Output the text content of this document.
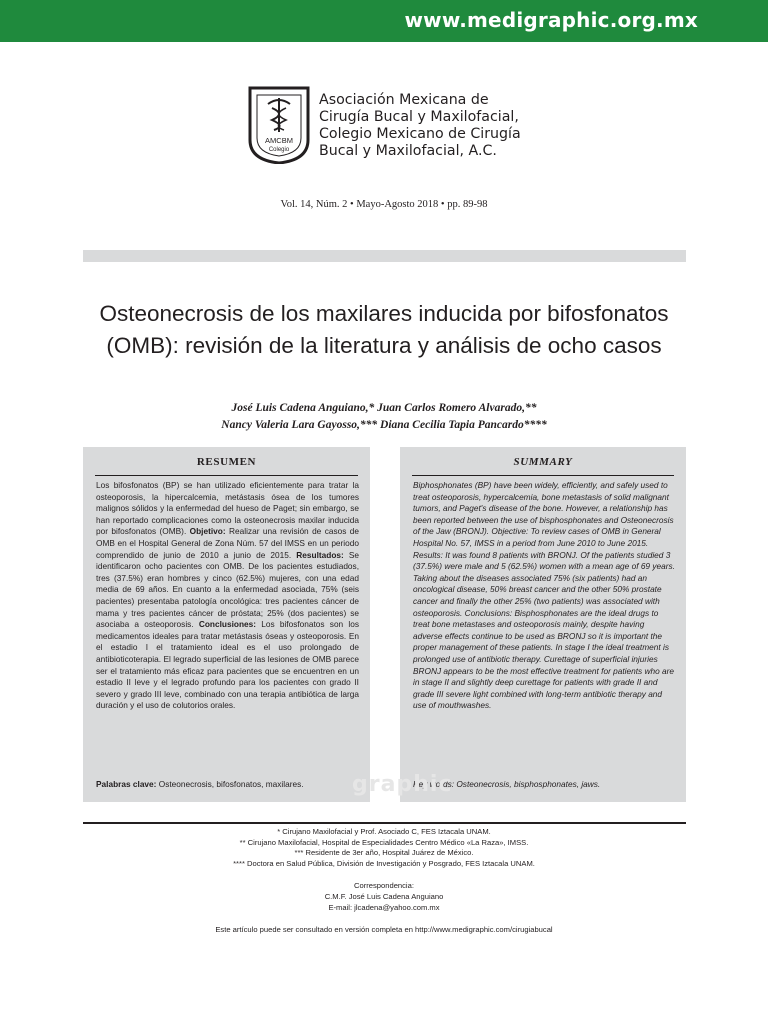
www.medigraphic.org.mx
AMCBM
Colegio
Asociación Mexicana de
Cirugía Bucal y Maxilofacial,
Colegio Mexicano de Cirugía
Bucal y Maxilofacial, A.C.
Vol. 14, Núm. 2 • Mayo-Agosto 2018 • pp. 89-98
Osteonecrosis de los maxilares inducida por bifosfonatos (OMB): revisión de la literatura y análisis de ocho casos
José Luis Cadena Anguiano,* Juan Carlos Romero Alvarado,**
Nancy Valeria Lara Gayosso,*** Diana Cecilia Tapia Pancardo****
RESUMEN
Los bifosfonatos (BP) se han utilizado eficientemente para tratar la osteoporosis, la hipercalcemia, metástasis ósea de los tumores malignos sólidos y la enfermedad del hueso de Paget; sin embargo, se han reportado complicaciones como la osteonecrosis maxilar inducida por bifosfonatos (OMB). Objetivo: Realizar una revisión de casos de OMB en el Hospital General de Zona Núm. 57 del IMSS en un periodo comprendido de junio de 2010 a junio de 2015. Resultados: Se identificaron ocho pacientes con OMB. De los pacientes estudiados, tres (37.5%) eran hombres y cinco (62.5%) mujeres, con una edad media de 69 años. En cuanto a la enfermedad asociada, 75% (seis pacientes) presentaba patología oncológica: tres pacientes cáncer de mama y tres pacientes cáncer de próstata; 25% (dos pacientes) se asociaba a osteoporosis. Conclusiones: Los bifosfonatos son los medicamentos ideales para tratar metástasis óseas y osteoporosis. En el estadio I el tratamiento ideal es el uso prolongado de antibioticoterapia. El legrado superficial de las lesiones de OMB parece ser el tratamiento más eficaz para pacientes que se encuentren en un estadio II leve y el legrado profundo para los pacientes con grado II severo y grado III leve, combinado con una terapia antibiótica de larga duración y el uso de colutorios orales.
Palabras clave: Osteonecrosis, bifosfonatos, maxilares.
SUMMARY
Biphosphonates (BP) have been widely, efficiently, and safely used to treat osteoporosis, hypercalcemia, bone metastasis of solid malignant tumors, and Paget's disease of the bone. However, a relationship has been reported between the use of bisphosphonates and Osteonecrosis of the Jaw (BRONJ). Objective: To review cases of OMB in General Hospital No. 57, IMSS in a period from June 2010 to June 2015. Results: It was found 8 patients with BRONJ. Of the patients studied 3 (37.5%) were male and 5 (62.5%) women with a mean age of 69 years. Taking about the diseases associated 75% (six patients) had an oncological disease, 50% breast cancer and the other 50% prostate cancer and finally the other 25% (two patients) was associated with osteoporosis. Conclusions: Bisphosphonates are the ideal drugs to treat bone metastases and osteoporosis mainly, despite having adverse effects continue to be used as BRONJ so it is important the proper management of these patients. In stage I the ideal treatment is prolonged use of antibiotic therapy. Curettage of superficial injuries BRONJ appears to be the most effective treatment for patients who are in stage II and slightly deep curettage for patients with grade II and grade III severe light combined with long-term antibiotic therapy and use of mouthwashes.
Key words: Osteonecrosis, bisphosphonates, jaws.
graphic
* Cirujano Maxilofacial y Prof. Asociado C, FES Iztacala UNAM.
** Cirujano Maxilofacial, Hospital de Especialidades Centro Médico «La Raza», IMSS.
*** Residente de 3er año, Hospital Juárez de México.
**** Doctora en Salud Pública, División de Investigación y Posgrado, FES Iztacala UNAM.
Correspondencia:
C.M.F. José Luis Cadena Anguiano
E-mail: jlcadena@yahoo.com.mx
Este artículo puede ser consultado en versión completa en http://www.medigraphic.com/cirugiabucal
